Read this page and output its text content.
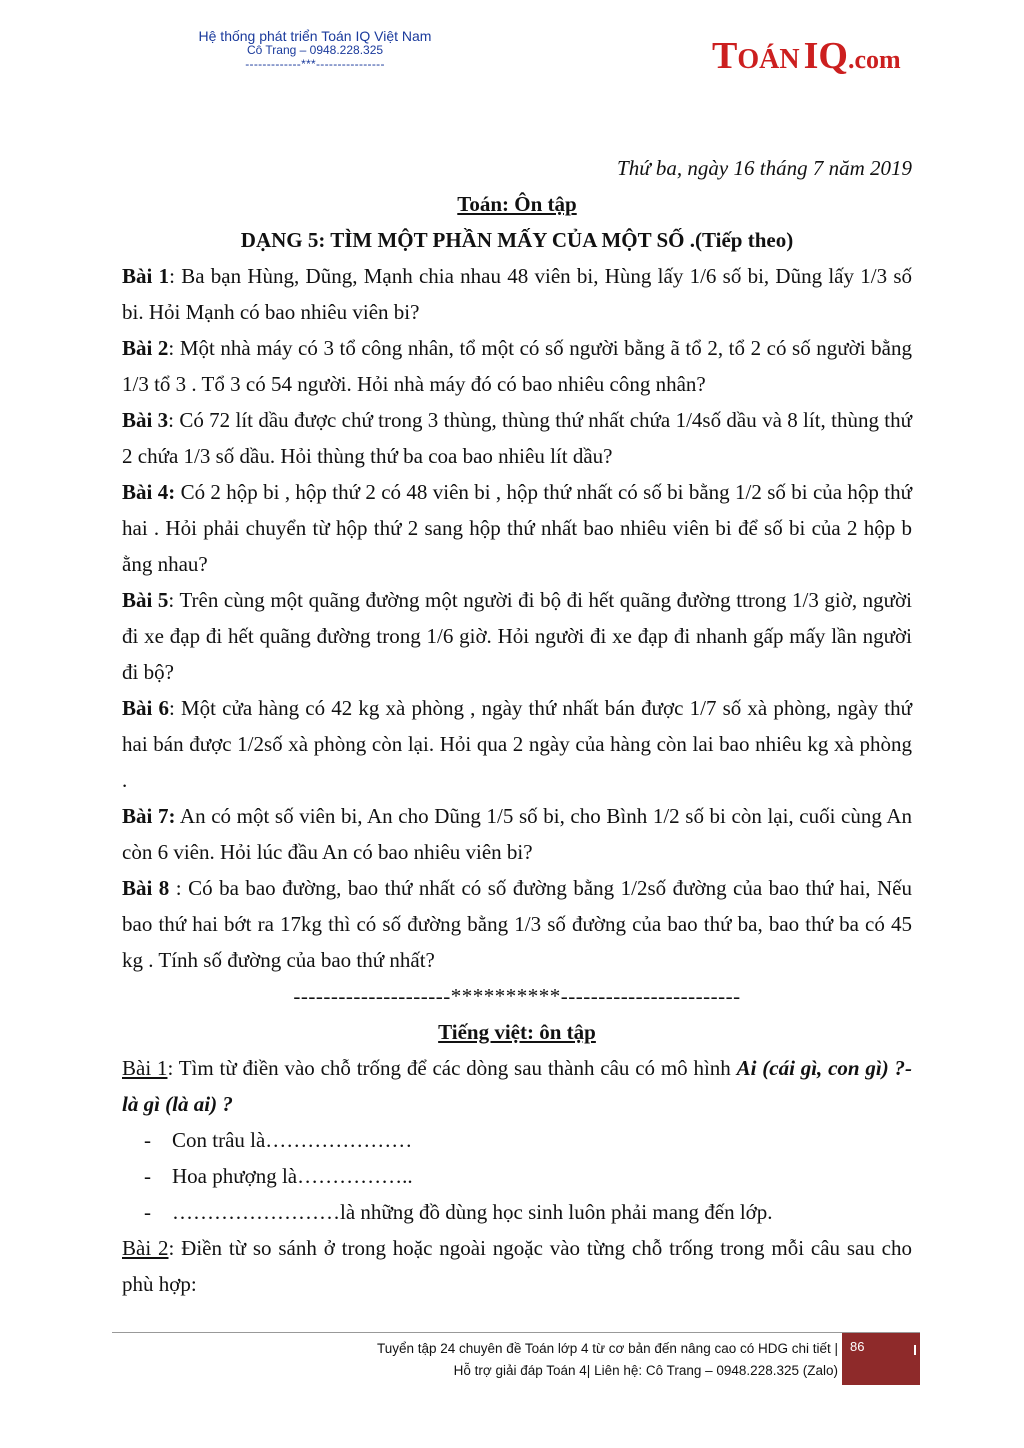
Hệ thống phát triển Toán IQ Việt Nam
Cô Trang – 0948.228.325
-------------***----------------	TOÁN IQ.com
Thứ ba, ngày 16 tháng 7 năm 2019
Toán: Ôn tập
DẠNG 5: TÌM MỘT PHẦN MẤY CỦA MỘT SỐ .(Tiếp theo)

Bài 1: Ba bạn Hùng, Dũng, Mạnh chia nhau 48 viên bi, Hùng lấy 1/6 số bi, Dũng lấy 1/3 số bi. Hỏi Mạnh có bao nhiêu viên bi?

Bài 2: Một nhà máy có 3 tổ công nhân, tổ một có số người bằng ã tổ 2, tổ 2 có số người bằng 1/3 tổ 3 . Tổ 3 có 54 người. Hỏi nhà máy đó có bao nhiêu công nhân?

Bài 3: Có 72 lít dầu được chứ trong 3 thùng, thùng thứ nhất chứa 1/4số dầu và 8 lít, thùng thứ 2 chứa 1/3 số dầu. Hỏi thùng thứ ba coa bao nhiêu lít dầu?

Bài 4: Có 2 hộp bi , hộp thứ 2 có 48 viên bi , hộp thứ nhất có số bi bằng 1/2 số bi của hộp thứ hai . Hỏi phải chuyển từ hộp thứ 2 sang hộp thứ nhất bao nhiêu viên bi để số bi của 2 hộp b ằng nhau?

Bài 5: Trên cùng một quãng đường một người đi bộ đi hết quãng đường ttrong 1/3 giờ, người đi xe đạp đi hết quãng đường trong 1/6 giờ. Hỏi người đi xe đạp đi nhanh gấp mấy lần người đi bộ?

Bài 6: Một cửa hàng có 42 kg xà phòng , ngày thứ nhất bán được 1/7 số xà phòng, ngày thứ hai bán được 1/2số xà phòng còn lại. Hỏi qua 2 ngày của hàng còn lai bao nhiêu kg xà phòng .

Bài 7: An có một số viên bi, An cho Dũng 1/5 số bi, cho Bình 1/2 số bi còn lại, cuối cùng An còn 6 viên. Hỏi lúc đầu An có bao nhiêu viên bi?

Bài 8 : Có ba bao đường, bao thứ nhất có số đường bằng 1/2số đường của bao thứ hai, Nếu bao thứ hai bớt ra 17kg thì có số đường bằng 1/3 số đường của bao thứ ba, bao thứ ba có 45 kg . Tính số đường của bao thứ nhất?

---------------------**********------------------------
Tiếng việt: ôn tập

Bài 1: Tìm từ điền vào chỗ trống để các dòng sau thành câu có mô hình Ai (cái gì, con gì) ?- là gì (là ai) ?

- Con trâu là…………………
- Hoa phượng là……………..
- ……………………là những đồ dùng học sinh luôn phải mang đến lớp.

Bài 2: Điền từ so sánh ở trong hoặc ngoài ngoặc vào từng chỗ trống trong mỗi câu sau cho phù hợp:

Tuyển tập 24 chuyên đề Toán lớp 4 từ cơ bản đến nâng cao có HDG chi tiết |
Hỗ trợ giải đáp Toán 4| Liên hệ: Cô Trang – 0948.228.325 (Zalo)
86
